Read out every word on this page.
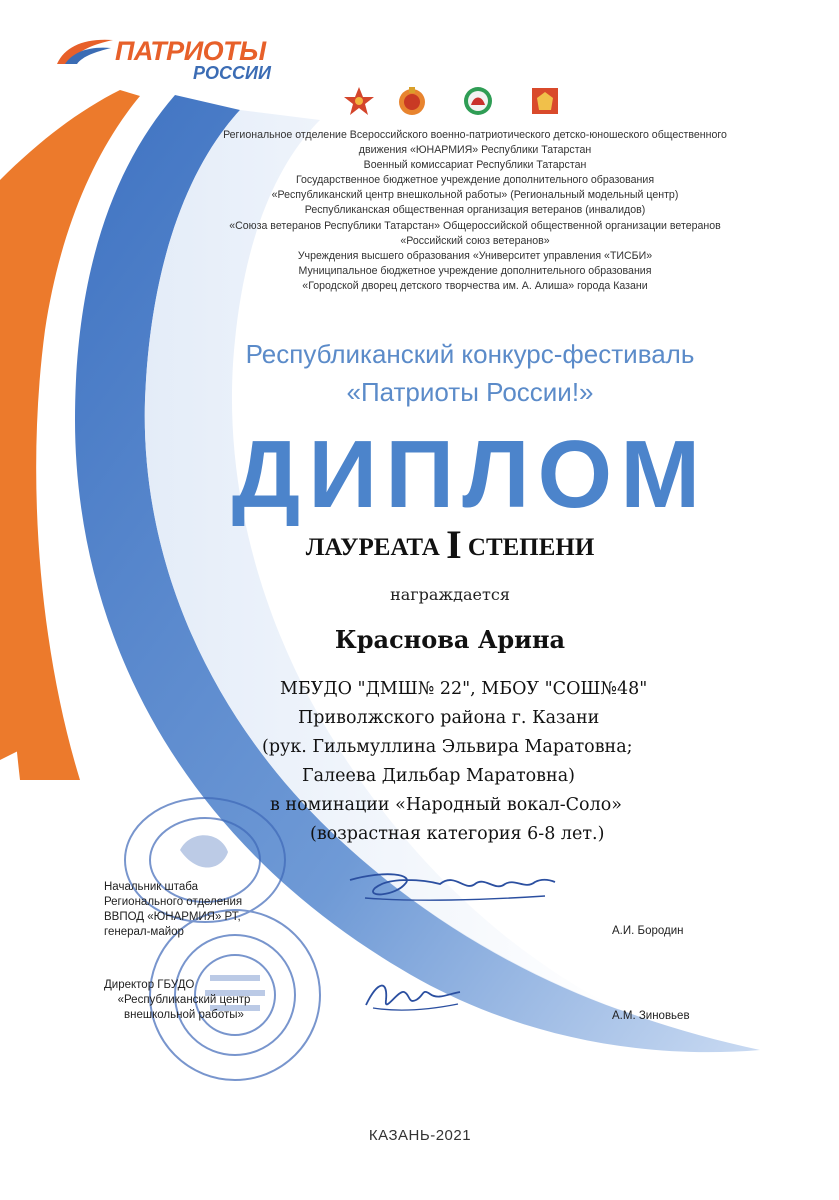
ПАТРИОТЫ
РОССИИ
Региональное отделение Всероссийского военно-патриотического детско-юношеского общественного
движения «ЮНАРМИЯ» Республики Татарстан
Военный комиссариат Республики Татарстан
Государственное бюджетное учреждение дополнительного образования
«Республиканский центр внешкольной работы» (Региональный модельный центр)
Республиканская общественная организация ветеранов (инвалидов)
«Союза ветеранов Республики Татарстан» Общероссийской общественной организации ветеранов
«Российский союз ветеранов»
Учреждения высшего образования «Университет управления «ТИСБИ»
Муниципальное бюджетное учреждение дополнительного образования
«Городской дворец детского творчества им. А. Алиша» города Казани
Республиканский конкурс-фестиваль
«Патриоты России!»
ДИПЛОМ
ЛАУРЕАТА I СТЕПЕНИ
награждается
Краснова Арина
МБУДО "ДМШ№ 22", МБОУ "СОШ№48"
Приволжского района г. Казани
(рук. Гильмуллина Эльвира Маратовна;
Галеева Дильбар Маратовна)
в номинации «Народный вокал-Соло»
(возрастная категория 6-8 лет.)
Начальник штаба
Регионального отделения
ВВПОД «ЮНАРМИЯ» РТ,
генерал-майор	А.И. Бородин
Директор ГБУДО
«Республиканский центр
внешкольной работы»	А.М. Зиновьев
КАЗАНЬ-2021
